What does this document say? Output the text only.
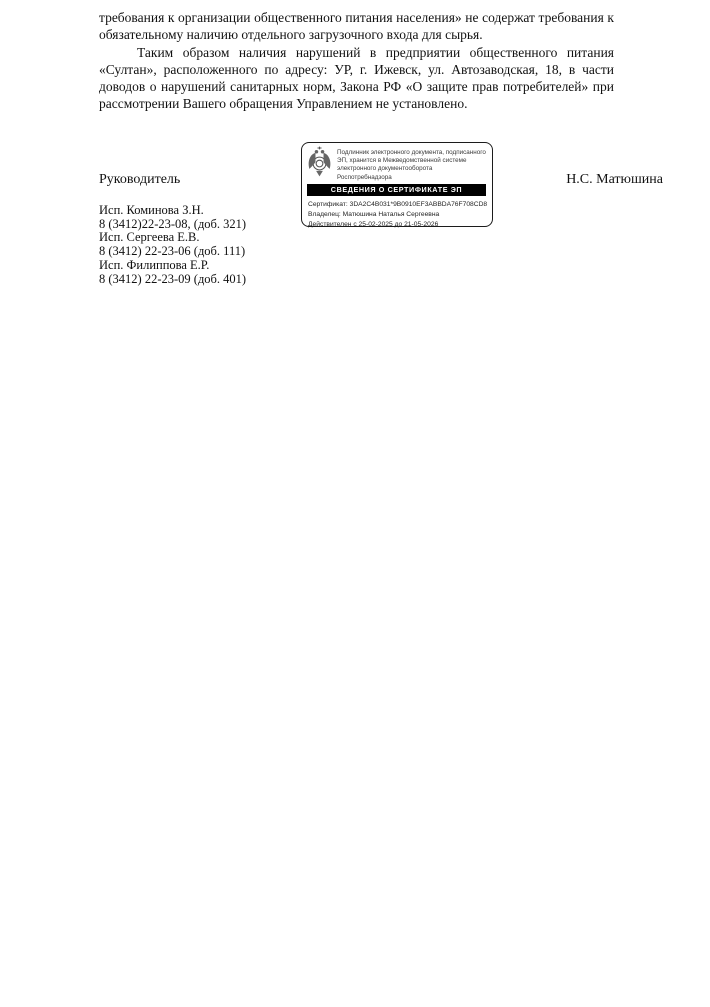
требования к организации общественного питания населения» не содержат требования к обязательному наличию отдельного загрузочного входа для сырья.

Таким образом наличия нарушений в предприятии общественного питания «Султан», расположенного по адресу: УР, г. Ижевск, ул. Автозаводская, 18, в части доводов о нарушений санитарных норм, Закона РФ «О защите прав потребителей» при рассмотрении Вашего обращения Управлением не установлено.

Руководитель	Н.С. Матюшина
Подлинник электронного документа, подписанного ЭП, хранится в Межведомственной системе электронного документооборота Роспотребнадзора
СВЕДЕНИЯ О СЕРТИФИКАТЕ ЭП
Сертификат: 3DA2C4B031*9B0910EF3ABBDA76F708CD8
Владелец: Матюшина Наталья Сергеевна
Действителен с 25-02-2025 до 21-05-2026
Исп. Коминова З.Н.
8 (3412)22-23-08, (доб. 321)
Исп. Сергеева Е.В.
8 (3412) 22-23-06 (доб. 111)
Исп. Филиппова Е.Р.
8 (3412) 22-23-09 (доб. 401)
